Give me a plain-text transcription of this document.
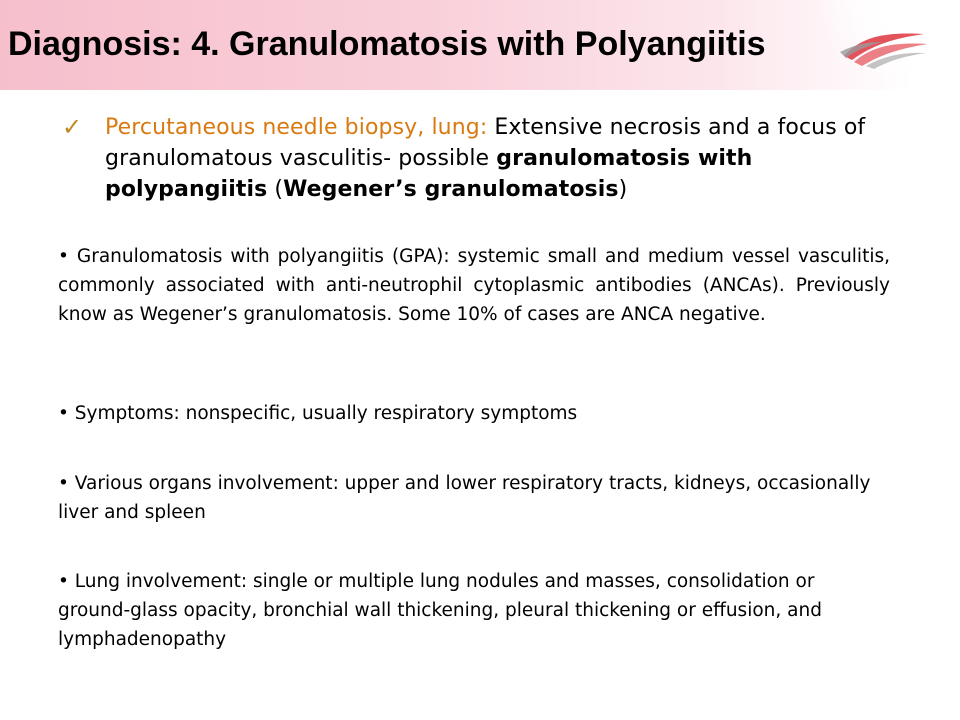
Diagnosis: 4. Granulomatosis with Polyangiitis
✓ Percutaneous needle biopsy, lung: Extensive necrosis and a focus of granulomatous vasculitis- possible granulomatosis with polypangiitis (Wegener’s granulomatosis)

• Granulomatosis with polyangiitis (GPA): systemic small and medium vessel vasculitis, commonly associated with anti-neutrophil cytoplasmic antibodies (ANCAs). Previously know as Wegener’s granulomatosis. Some 10% of cases are ANCA negative.

• Symptoms: nonspecific, usually respiratory symptoms

• Various organs involvement: upper and lower respiratory tracts, kidneys, occasionally liver and spleen

• Lung involvement: single or multiple lung nodules and masses, consolidation or ground-glass opacity, bronchial wall thickening, pleural thickening or effusion, and lymphadenopathy
